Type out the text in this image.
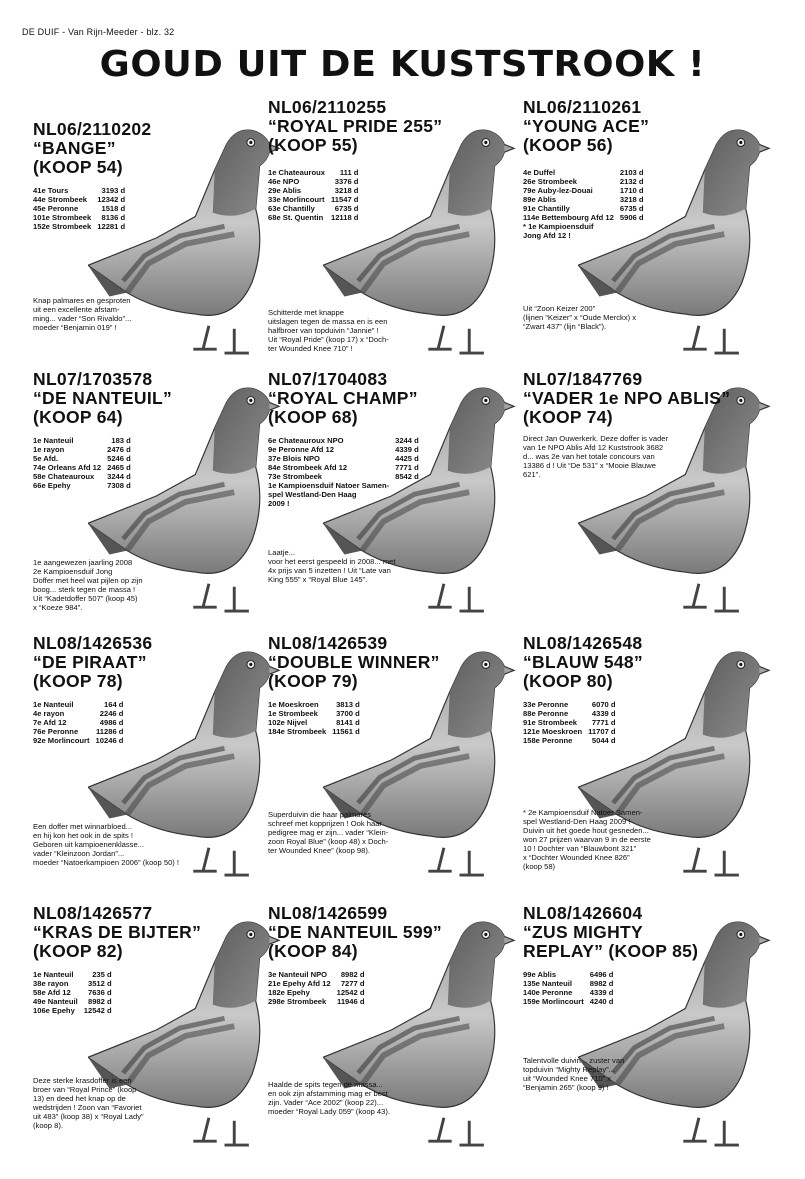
DE DUIF - Van Rijn-Meeder - blz. 32
GOUD UIT DE KUSTSTROOK !
NL06/2110202
“BANGE”
(KOOP 54)
41e Tours	3193 d
44e Strombeek	12342 d
45e Peronne	1518 d
101e Strombeek	8136 d
152e Strombeek	12281 d
Knap palmares en gesproten
uit een excellente afstam-
ming... vader “Son Rivaldo”...
moeder “Benjamin 019” !
NL06/2110255
“ROYAL PRIDE 255”
(KOOP 55)
1e Chateauroux	111 d
46e NPO	3376 d
29e Ablis	3218 d
33e Morlincourt	11547 d
63e Chantilly	6735 d
68e St. Quentin	12118 d
Schitterde met knappe
uitslagen tegen de massa en is een
halfbroer van topduivin “Jannie” !
Uit “Royal Pride” (koop 17) x “Doch-
ter Wounded Knee 710” !
NL06/2110261
“YOUNG ACE”
(KOOP 56)
4e Duffel	2103 d
26e Strombeek	2132 d
79e Auby-lez-Douai	1710 d
89e Ablis	3218 d
91e Chantilly	6735 d
114e Bettembourg Afd 12	5906 d
* 1e Kampioensduif	
Jong Afd 12 !	
Uit “Zoon Keizer 200”
(lijnen “Keizer” x “Oude Merckx) x
“Zwart 437” (lijn “Black”).
NL07/1703578
“DE NANTEUIL”
(KOOP 64)
1e Nanteuil	183 d
1e rayon	2476 d
5e Afd.	5246 d
74e Orleans Afd 12	2465 d
58e Chateauroux	3244 d
66e Epehy	7308 d
1e aangewezen jaarling 2008
2e Kampioensduif Jong
Doffer met heel wat pijlen op zijn
boog... sterk tegen de massa !
Uit “Kadetdoffer 507” (koop 45)
x “Koeze 984”.
NL07/1704083
“ROYAL CHAMP”
(KOOP 68)
6e Chateauroux NPO	3244 d
9e Peronne Afd 12	4339 d
37e Blois NPO	4425 d
84e Strombeek Afd 12	7771 d
73e Strombeek	8542 d
1e Kampioensduif Natoer Samen-	
spel Westland-Den Haag	
2009 !	
Laatje...
voor het eerst gespeeld in 2008... met
4x prijs van 5 inzetten ! Uit “Late van
King 555” x “Royal Blue 145”.
NL07/1847769
“VADER 1e NPO ABLIS”
(KOOP 74)
Direct Jan Ouwerkerk. Deze doffer is vader
van 1e NPO Ablis Afd 12 Kuststrook 3682
d... was 2e van het totale concours van
13386 d ! Uit “De 531” x “Mooie Blauwe
621”.
NL08/1426536
“DE PIRAAT”
(KOOP 78)
1e Nanteuil	164 d
4e rayon	2246 d
7e Afd 12	4986 d
76e Peronne	11286 d
92e Morlincourt	10246 d
Een doffer met winnarbloed...
en hij kon het ook in de spits !
Geboren uit kampioenenklasse...
vader “Kleinzoon Jordan”...
moeder “Natoerkampioen 2006” (koop 50) !
NL08/1426539
“DOUBLE WINNER”
(KOOP 79)
1e Moeskroen	3813 d
1e Strombeek	3700 d
102e Nijvel	8141 d
184e Strombeek	11561 d
Superduivin die haar palmares
schreef met kopprijzen ! Ook haar
pedigree mag er zijn... vader “Klein-
zoon Royal Blue” (koop 48) x Doch-
ter Wounded Knee” (koop 98).
NL08/1426548
“BLAUW 548”
(KOOP 80)
33e Peronne	6070 d
88e Peronne	4339 d
91e Strombeek	7771 d
121e Moeskroen	11707 d
158e Peronne	5044 d
* 2e Kampioensduif Natoer Samen-
spel Westland-Den Haag 2009 !
Duivin uit het goede hout gesneden...
won 27 prijzen waarvan 9 in de eerste
10 ! Dochter van “Blauwbont 321”
x “Dochter Wounded Knee 826”
(koop 58)
NL08/1426577
“KRAS DE BIJTER”
(KOOP 82)
1e Nanteuil	235 d
38e rayon	3512 d
58e Afd 12	7636 d
49e Nanteuil	8982 d
106e Epehy	12542 d
Deze sterke krasdoffer is een
broer van “Royal Prince” (koop
13) en deed het knap op de
wedstrijden ! Zoon van “Favoriet
uit 483” (koop 38) x “Royal Lady”
(koop 8).
NL08/1426599
“DE NANTEUIL 599”
(KOOP 84)
3e Nanteuil NPO	8982 d
21e Epehy Afd 12	7277 d
182e Epehy	12542 d
298e Strombeek	11946 d
Haalde de spits tegen de massa...
en ook zijn afstamming mag er best
zijn. Vader “Ace 2002” (koop 22)...
moeder “Royal Lady 059” (koop 43).
NL08/1426604
“ZUS MIGHTY
REPLAY” (KOOP 85)
99e Ablis	6496 d
135e Nanteuil	8982 d
140e Peronne	4339 d
159e Morlincourt	4240 d
Talentvolle duivin... zuster van
topduivin “Mighty Replay”...
uit “Wounded Knee 710” x
“Benjamin 265” (koop 9) !
